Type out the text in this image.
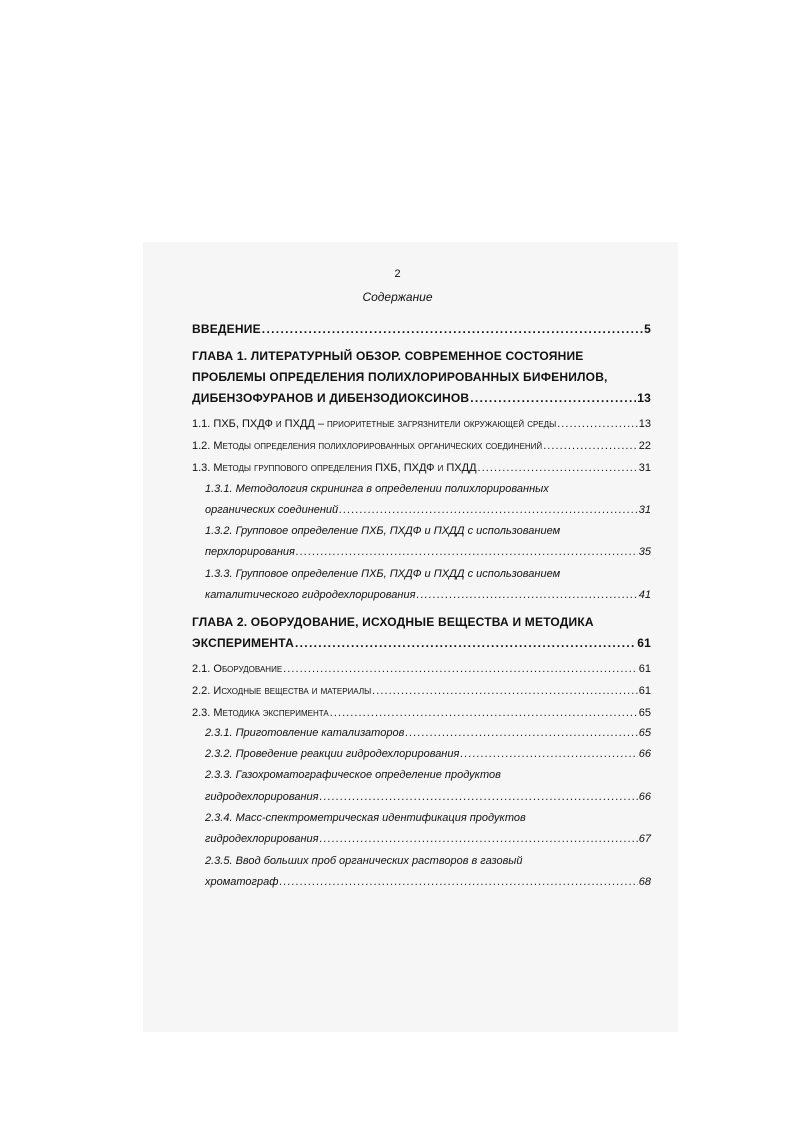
2
Содержание
ВВЕДЕНИЕ . . .	5
ГЛАВА 1. ЛИТЕРАТУРНЫЙ ОБЗОР. СОВРЕМЕННОЕ СОСТОЯНИЕ
ПРОБЛЕМЫ ОПРЕДЕЛЕНИЯ ПОЛИХЛОРИРОВАННЫХ БИФЕНИЛОВ,
ДИБЕНЗОФУРАНОВ И ДИБЕНЗОДИОКСИНОВ . . .	13
1.1. ПХБ, ПХДФ и ПХДД – приоритетные загрязнители окружающей среды . . .	13
1.2. Методы определения полихлорированных органических соединений . . .	22
1.3. Методы группового определения ПХБ, ПХДФ и ПХДД . . .	31
1.3.1. Методология скрининга в определении полихлорированных
органических соединений . . .	31
1.3.2. Групповое определение ПХБ, ПХДФ и ПХДД с использованием
перхлорирования . . .	35
1.3.3. Групповое определение ПХБ, ПХДФ и ПХДД с использованием
каталитического гидродехлорирования . . .	41
ГЛАВА 2. ОБОРУДОВАНИЕ, ИСХОДНЫЕ ВЕЩЕСТВА И МЕТОДИКА
ЭКСПЕРИМЕНТА . . .	61
2.1. Оборудование . . .	61
2.2. Исходные вещества и материалы . . .	61
2.3. Методика эксперимента . . .	65
2.3.1. Приготовление катализаторов . . .	65
2.3.2. Проведение реакции гидродехлорирования . . .	66
2.3.3. Газохроматографическое определение продуктов
гидродехлорирования . . .	66
2.3.4. Масс-спектрометрическая идентификация продуктов
гидродехлорирования . . .	67
2.3.5. Ввод больших проб органических растворов в газовый
хроматограф . . .	68
